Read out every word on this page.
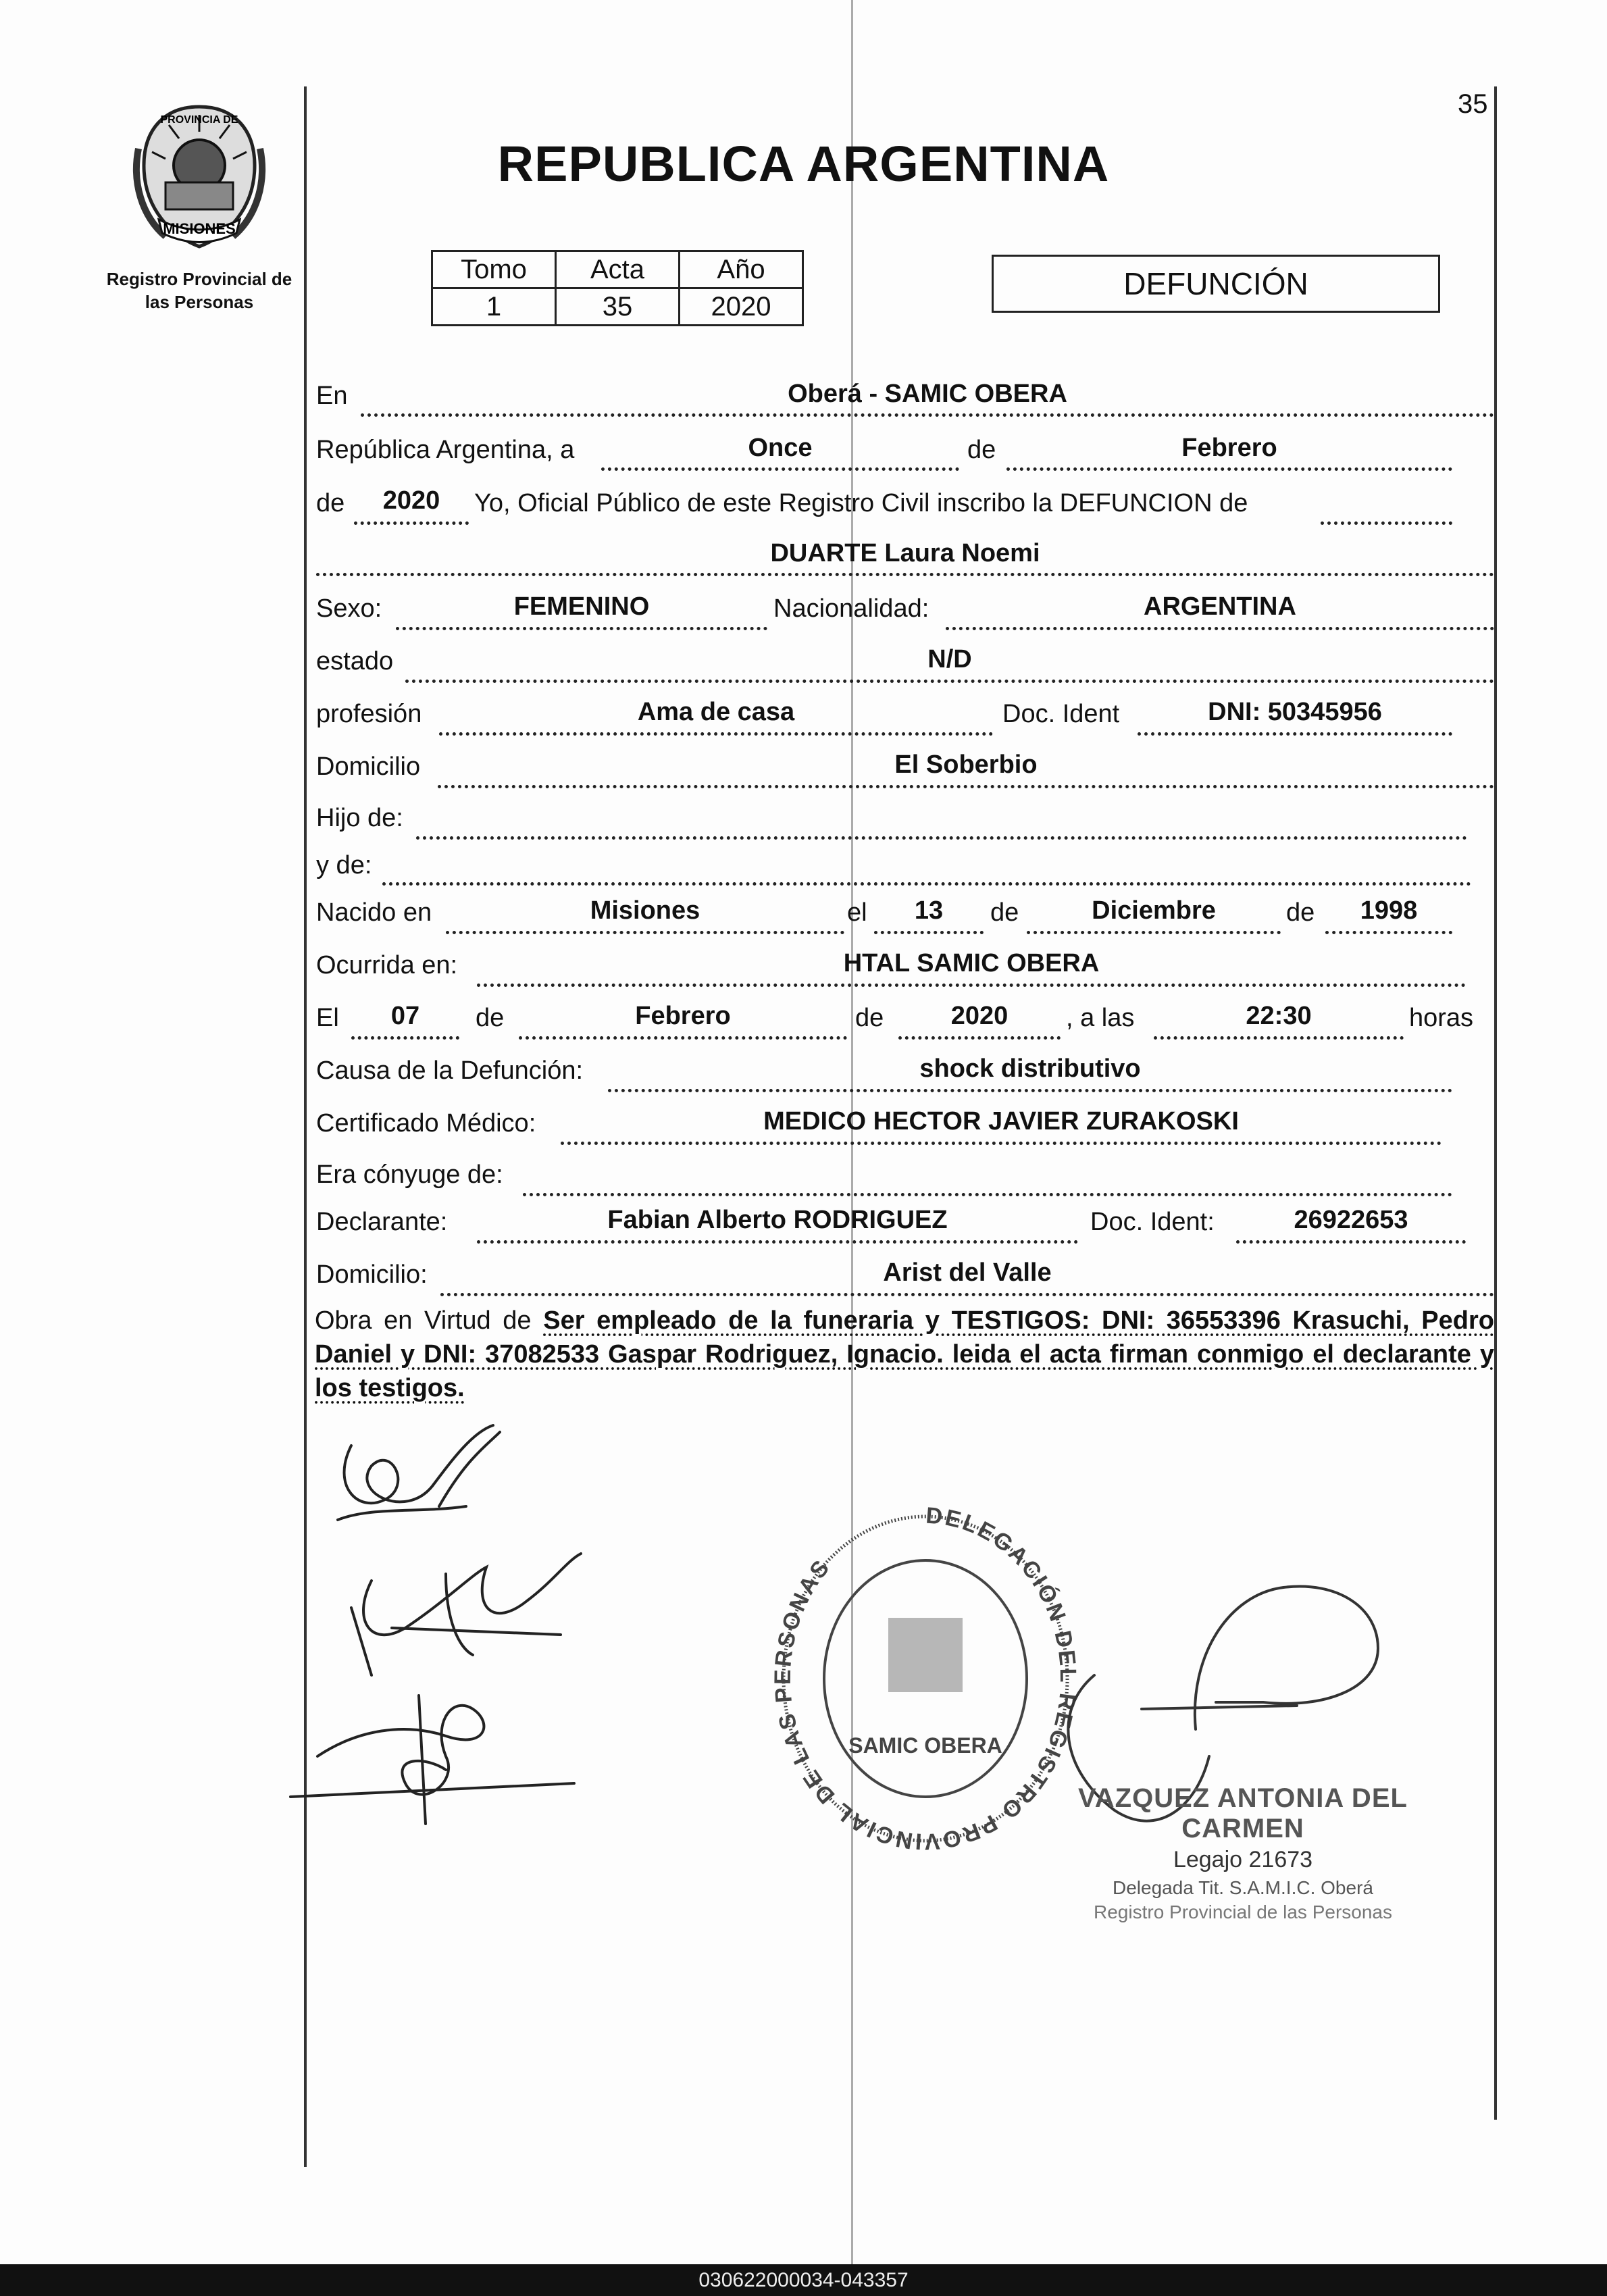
35
MISIONES
PROVINCIA DE
Registro Provincial de
las Personas
REPUBLICA ARGENTINA
Tomo	Acta	Año
1	35	2020
DEFUNCIÓN
En	Oberá - SAMIC OBERA
República Argentina, a	Once	de	Febrero
de	2020	Yo, Oficial Público de este Registro Civil inscribo la DEFUNCION de
DUARTE Laura Noemi
Sexo:	FEMENINO	Nacionalidad:	ARGENTINA
estado	N/D
profesión	Ama de casa	Doc. Ident	DNI: 50345956
Domicilio	El Soberbio
Hijo de:
y de:
Nacido en	Misiones	el	13	de	Diciembre	de	1998
Ocurrida en:	HTAL SAMIC OBERA
El	07	de	Febrero	de	2020	, a las	22:30	horas
Causa de la Defunción:	shock distributivo
Certificado Médico:	MEDICO HECTOR JAVIER ZURAKOSKI
Era cónyuge de:
Declarante:	Fabian Alberto RODRIGUEZ	Doc. Ident:	26922653
Domicilio:	Arist del Valle
Obra en Virtud de Ser empleado de la funeraria y TESTIGOS: DNI: 36553396 Krasuchi, Pedro Daniel y DNI: 37082533 Gaspar Rodriguez, Ignacio. leida el acta firman conmigo el declarante y los testigos.
DELEGACIÓN DEL REGISTRO PROVINCIAL DE LAS PERSONAS
SAMIC OBERA
VAZQUEZ ANTONIA DEL CARMEN
Legajo 21673
Delegada Tit. S.A.M.I.C. Oberá
Registro Provincial de las Personas
030622000034-043357
